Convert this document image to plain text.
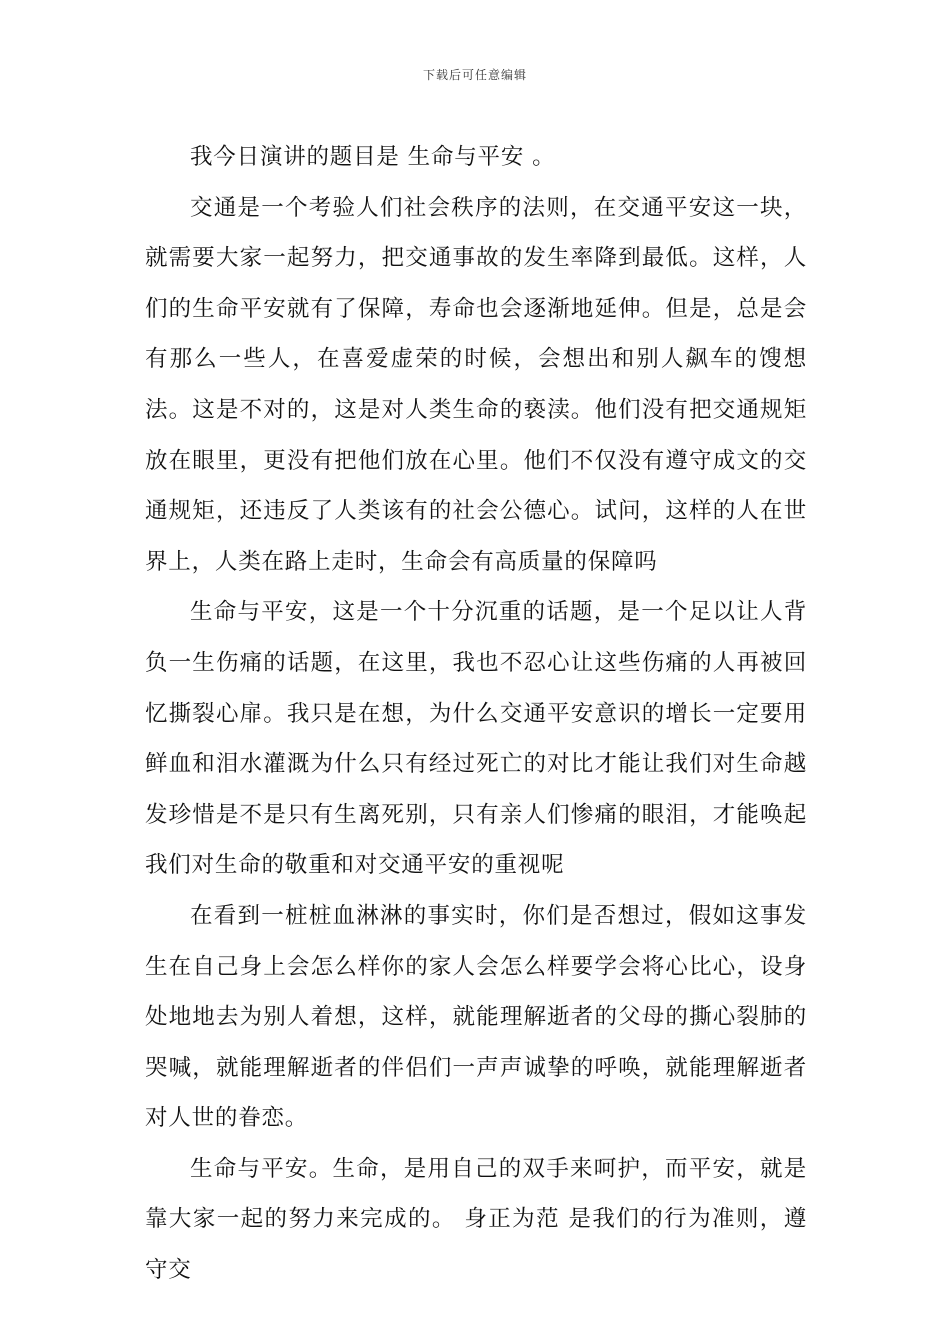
下载后可任意编辑

我今日演讲的题目是 生命与平安 。

交通是一个考验人们社会秩序的法则，在交通平安这一块，就需要大家一起努力，把交通事故的发生率降到最低。这样，人们的生命平安就有了保障，寿命也会逐渐地延伸。但是，总是会有那么一些人，在喜爱虚荣的时候，会想出和别人飙车的馊想法。这是不对的，这是对人类生命的亵渎。他们没有把交通规矩放在眼里，更没有把他们放在心里。他们不仅没有遵守成文的交通规矩，还违反了人类该有的社会公德心。试问，这样的人在世界上，人类在路上走时，生命会有高质量的保障吗

生命与平安，这是一个十分沉重的话题，是一个足以让人背负一生伤痛的话题，在这里，我也不忍心让这些伤痛的人再被回忆撕裂心扉。我只是在想，为什么交通平安意识的增长一定要用鲜血和泪水灌溉为什么只有经过死亡的对比才能让我们对生命越发珍惜是不是只有生离死别，只有亲人们惨痛的眼泪，才能唤起我们对生命的敬重和对交通平安的重视呢

在看到一桩桩血淋淋的事实时，你们是否想过，假如这事发生在自己身上会怎么样你的家人会怎么样要学会将心比心，设身处地地去为别人着想，这样，就能理解逝者的父母的撕心裂肺的哭喊，就能理解逝者的伴侣们一声声诚挚的呼唤，就能理解逝者对人世的眷恋。

生命与平安。生命，是用自己的双手来呵护，而平安，就是靠大家一起的努力来完成的。 身正为范 是我们的行为准则，遵守交
